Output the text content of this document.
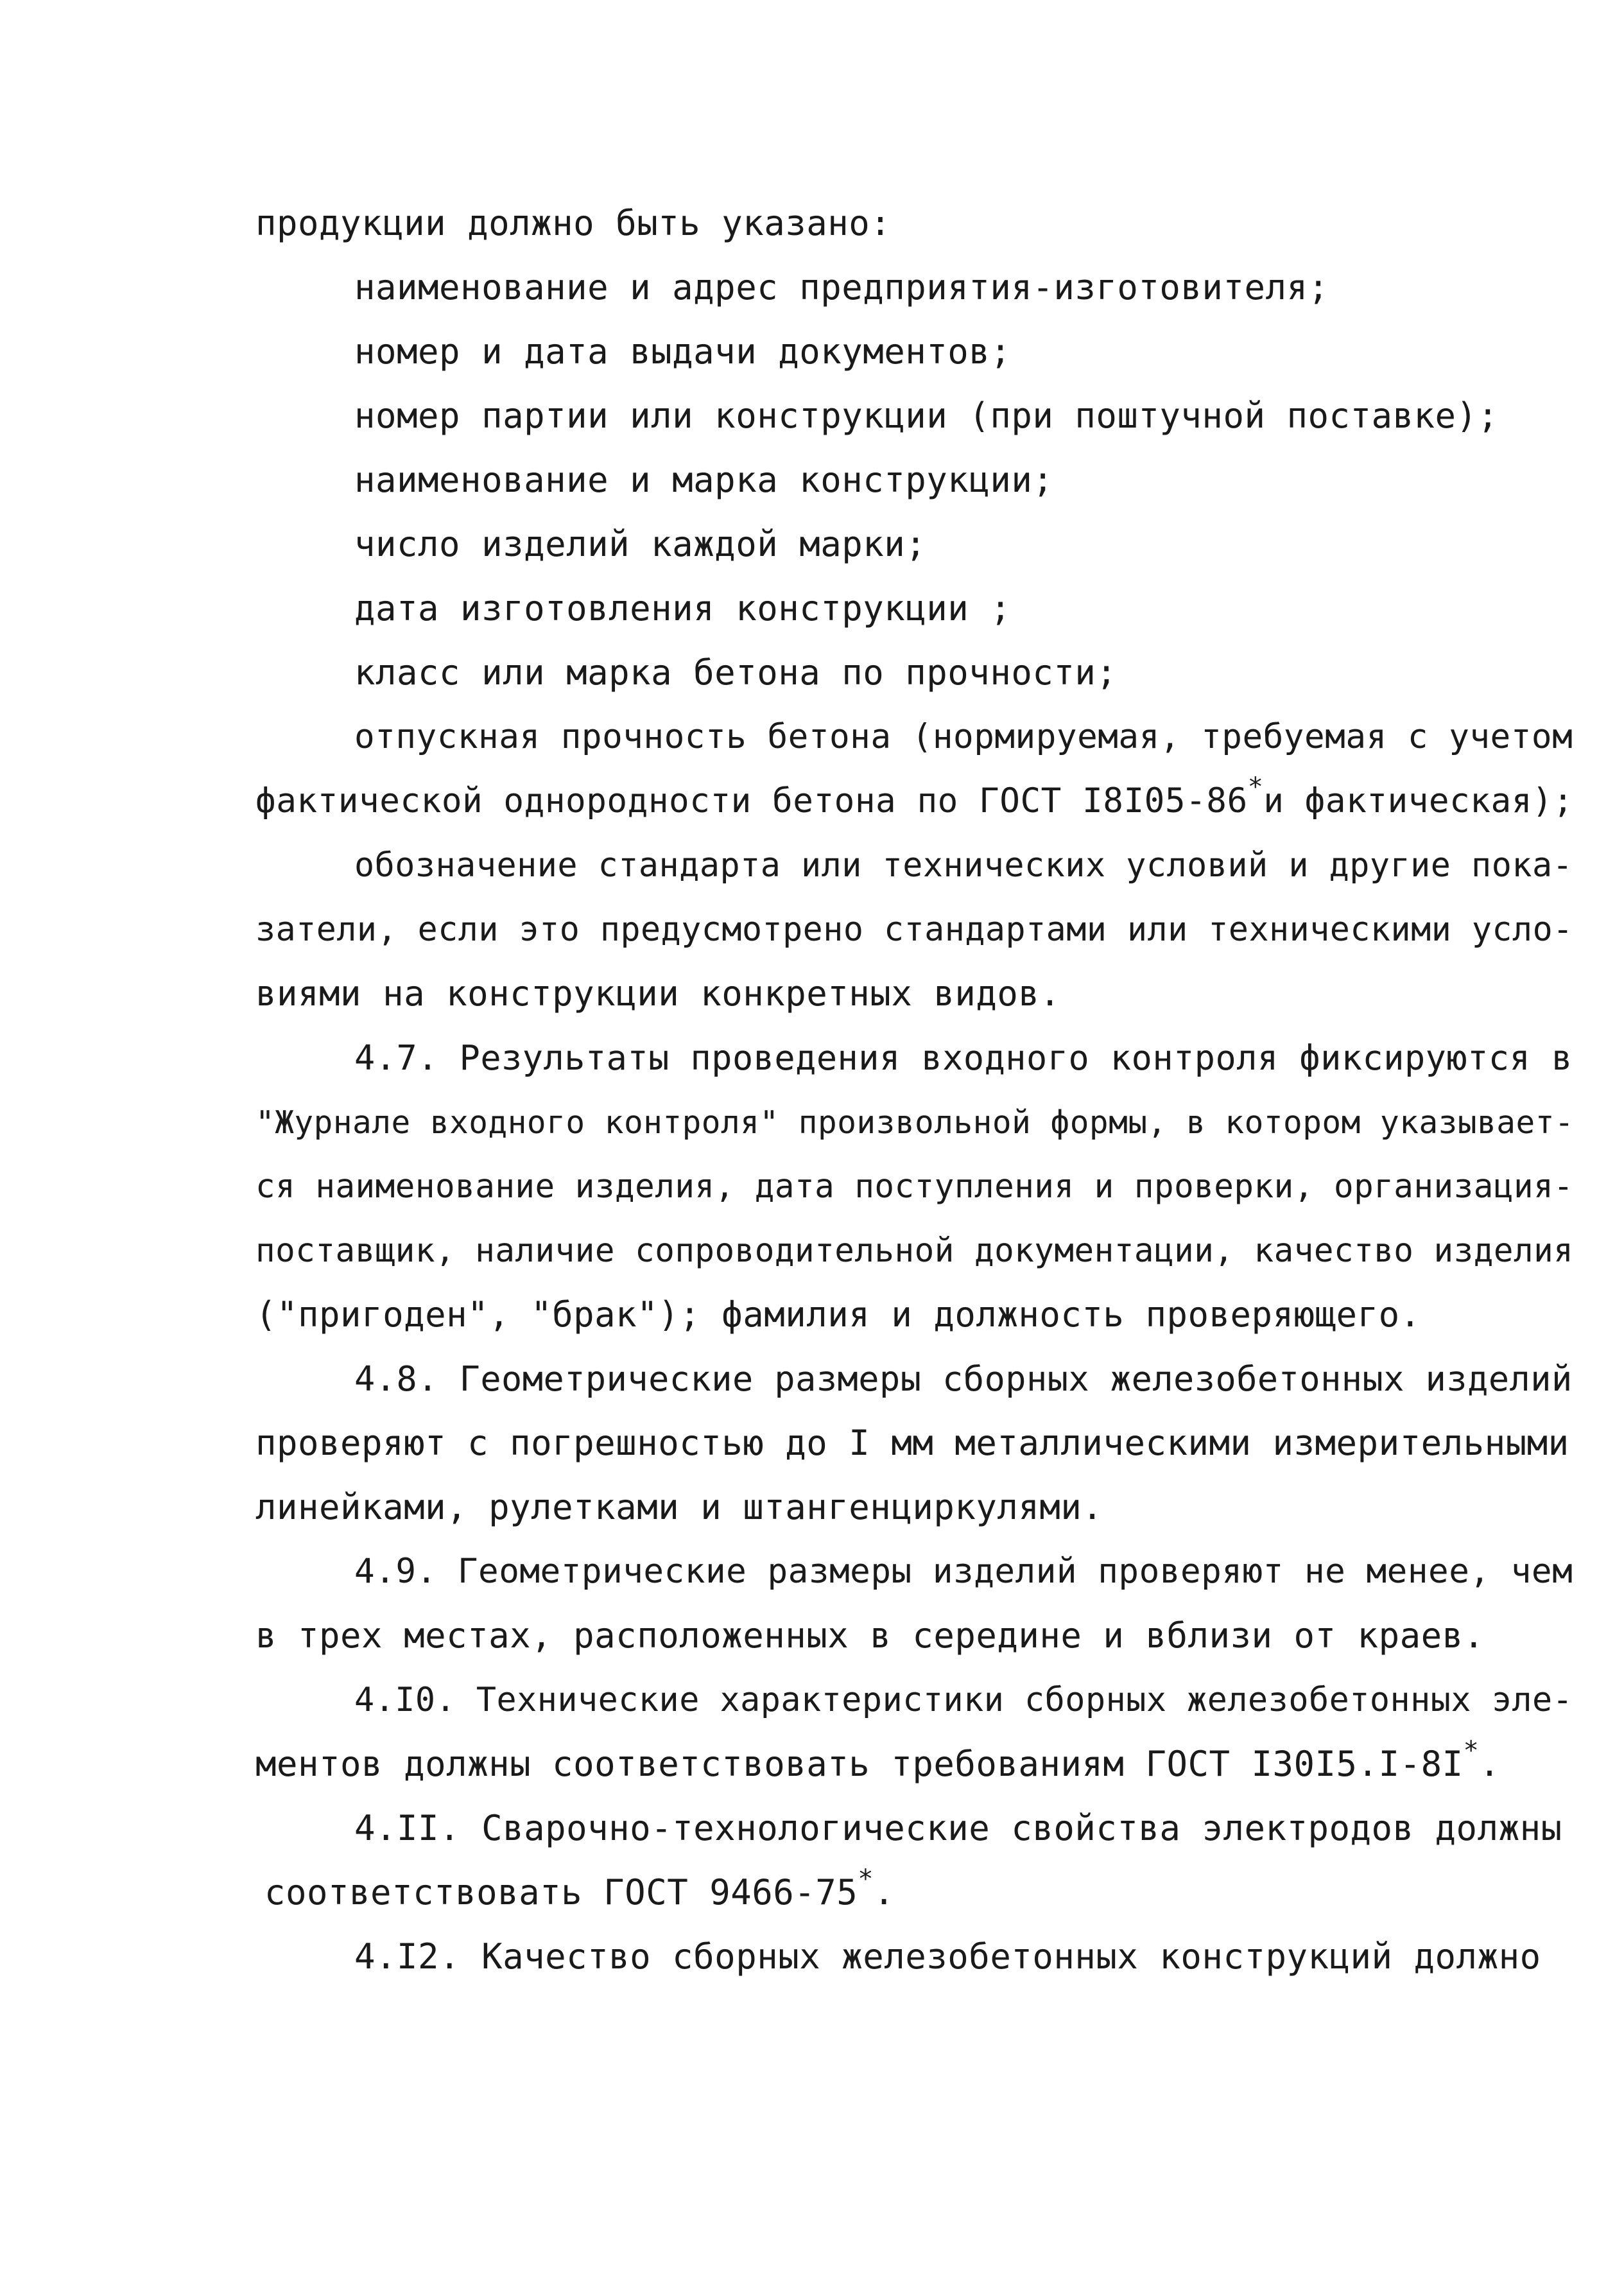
продукции должно быть указано:
наименование и адрес предприятия-изготовителя;
номер и дата выдачи документов;
номер партии или конструкции (при поштучной поставке);
наименование и марка конструкции;
число изделий каждой марки;
дата изготовления конструкции ;
класс или марка бетона по прочности;
отпускная прочность бетона (нормируемая, требуемая с учетом
фактической однородности бетона по ГОСТ I8I05-86*и фактическая);
обозначение стандарта или технических условий и другие пока-
затели, если это предусмотрено стандартами или техническими усло-
виями на конструкции конкретных видов.
4.7. Результаты проведения входного контроля фиксируются в
"Журнале входного контроля" произвольной формы, в котором указывает-
ся наименование изделия, дата поступления и проверки, организация-
поставщик, наличие сопроводительной документации, качество изделия
("пригоден", "брак"); фамилия и должность проверяющего.
4.8. Геометрические размеры сборных железобетонных изделий
проверяют с погрешностью до I мм металлическими измерительными
линейками, рулетками и штангенциркулями.
4.9. Геометрические размеры изделий проверяют не менее, чем
в трех местах, расположенных в середине и вблизи от краев.
4.I0. Технические характеристики сборных железобетонных эле-
ментов должны соответствовать требованиям ГОСТ I30I5.I-8I*.
4.II. Сварочно-технологические свойства электродов должны
соответствовать ГОСТ 9466-75*.
4.I2. Качество сборных железобетонных конструкций должно
